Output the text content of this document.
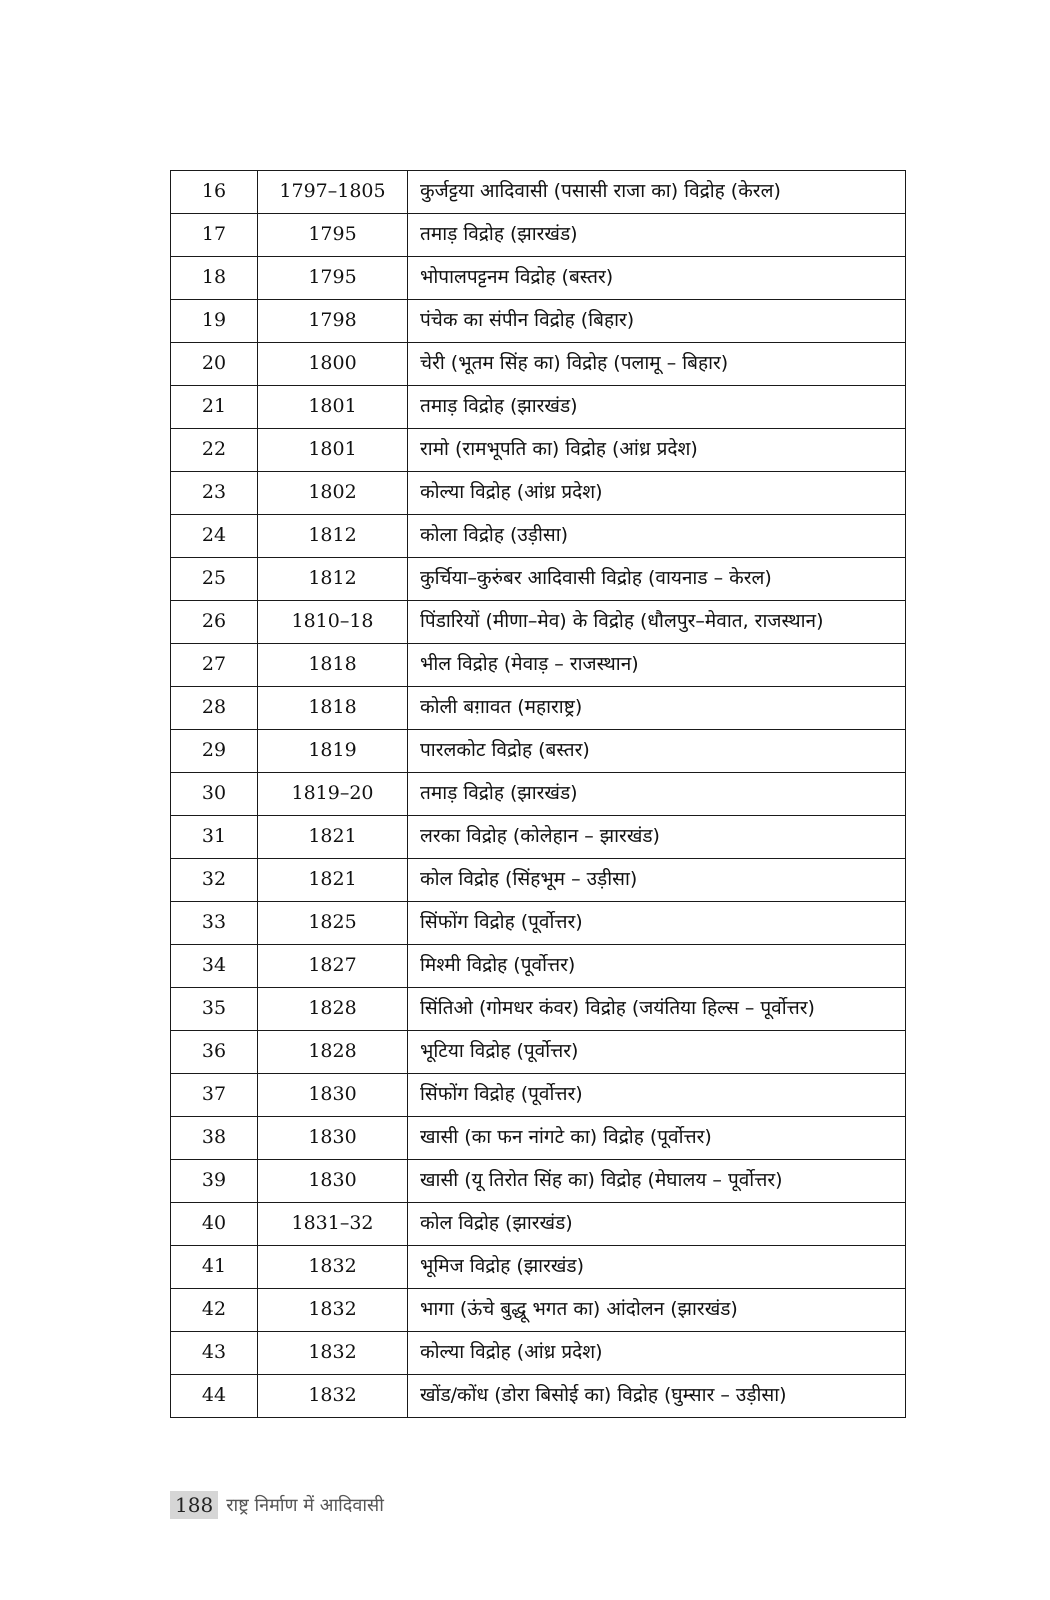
16	1797–1805	कुर्जट्टया आदिवासी (पसासी राजा का) विद्रोह (केरल)
17	1795	तमाड़ विद्रोह (झारखंड)
18	1795	भोपालपट्टनम विद्रोह (बस्तर)
19	1798	पंचेक का संपीन विद्रोह (बिहार)
20	1800	चेरी (भूतम सिंह का) विद्रोह (पलामू – बिहार)
21	1801	तमाड़ विद्रोह (झारखंड)
22	1801	रामो (रामभूपति का) विद्रोह (आंध्र प्रदेश)
23	1802	कोल्या विद्रोह (आंध्र प्रदेश)
24	1812	कोला विद्रोह (उड़ीसा)
25	1812	कुर्चिया–कुरुंबर आदिवासी विद्रोह (वायनाड – केरल)
26	1810–18	पिंडारियों (मीणा–मेव) के विद्रोह (धौलपुर–मेवात, राजस्थान)
27	1818	भील विद्रोह (मेवाड़ – राजस्थान)
28	1818	कोली बग़ावत (महाराष्ट्र)
29	1819	पारलकोट विद्रोह (बस्तर)
30	1819–20	तमाड़ विद्रोह (झारखंड)
31	1821	लरका विद्रोह (कोलेहान – झारखंड)
32	1821	कोल विद्रोह (सिंहभूम – उड़ीसा)
33	1825	सिंफोंग विद्रोह (पूर्वोत्तर)
34	1827	मिश्मी विद्रोह (पूर्वोत्तर)
35	1828	सिंतिओ (गोमधर कंवर) विद्रोह (जयंतिया हिल्स – पूर्वोत्तर)
36	1828	भूटिया विद्रोह (पूर्वोत्तर)
37	1830	सिंफोंग विद्रोह (पूर्वोत्तर)
38	1830	खासी (का फन नांगटे का) विद्रोह (पूर्वोत्तर)
39	1830	खासी (यू तिरोत सिंह का) विद्रोह (मेघालय – पूर्वोत्तर)
40	1831–32	कोल विद्रोह (झारखंड)
41	1832	भूमिज विद्रोह (झारखंड)
42	1832	भागा (ऊंचे बुद्धू भगत का) आंदोलन (झारखंड)
43	1832	कोल्या विद्रोह (आंध्र प्रदेश)
44	1832	खोंड/कोंध (डोरा बिसोई का) विद्रोह (घुम्सार – उड़ीसा)
188 राष्ट्र निर्माण में आदिवासी
